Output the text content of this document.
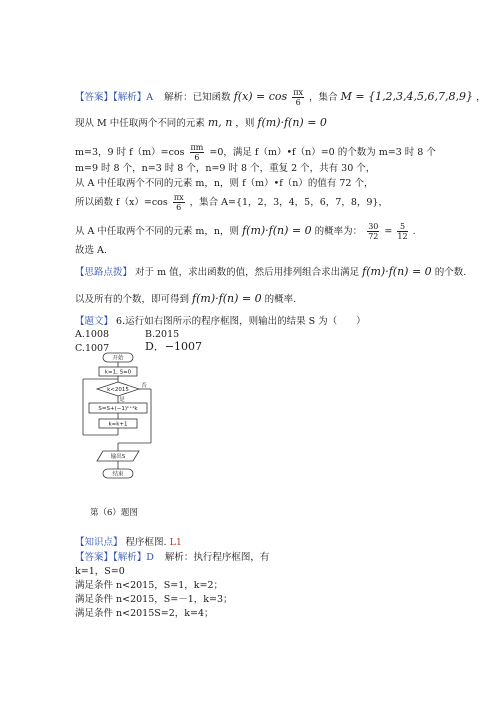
【答案】【解析】A 解析：已知函数 $f(x) = \cos \frac{\pi x}{6}$ ，集合 M = {1,2,3,4,5,6,7,8,9} ，
现从 M 中任取两个不同的元素 m, n ，则 f(m)·f(n) = 0
m=3，9 时 $f(m)=\cos \frac{\pi m}{6} =0$，满足 f（m）•f（n）=0 的个数为 m=3 时 8 个
m=9 时 8 个，n=3 时 8 个，n=9 时 8 个，重复 2 个，共有 30 个，
从 A 中任取两个不同的元素 m，n，则 f（m）•f（n）的值有 72 个，
所以函数 $f(x)=\cos \frac{\pi x}{6}$ ，集合 A={1，2，3，4，5，6，7，8，9}，
从 A 中任取两个不同的元素 m，n，则 f(m)·f(n) = 0 的概率为： $\frac{30}{72} = \frac{5}{12}$ .
故选 A.
【思路点拨】 对于 m 值，求出函数的值，然后用排列组合求出满足 f(m)·f(n) = 0 的个数.
以及所有的个数，即可得到 f(m)·f(n) = 0 的概率.
【题文】 6.运行如右图所示的程序框图，则输出的结果 S 为（　　）
A.1008	B.2015
C.1007	D．−1007
开始
k=1, S=0
k<2015
是
否
S=S+(−1)ᵏ⁺¹k
k=k+1
输出S
结束
第（6）题图
【知识点】 程序框图. L1
【答案】【解析】D 解析：执行程序框图，有
k=1，S=0
满足条件 n<2015，S=1，k=2；
满足条件 n<2015，S=－1，k=3；
满足条件 n<2015S=2，k=4；
